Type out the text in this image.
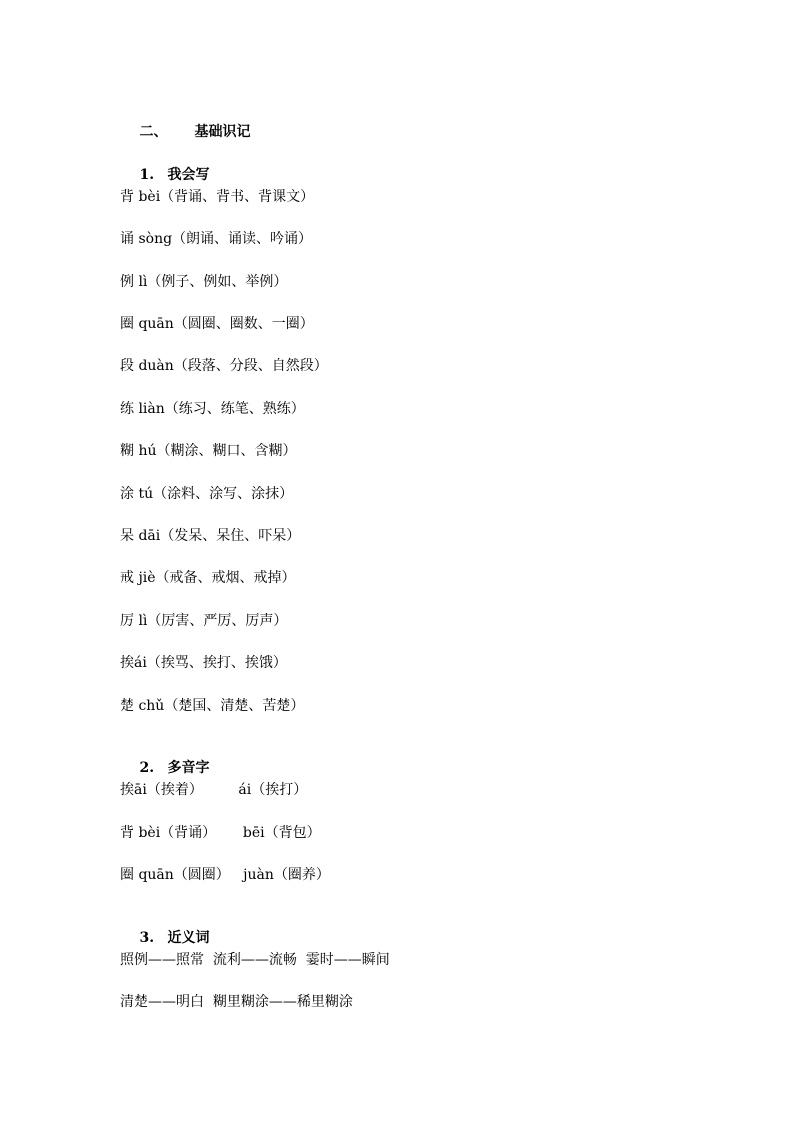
二、 基础识记

1. 我会写

背 bèi（背诵、背书、背课文）
诵 sòng（朗诵、诵读、吟诵）
例 lì（例子、例如、举例）
圈 quān（圆圈、圈数、一圈）
段 duàn（段落、分段、自然段）
练 liàn（练习、练笔、熟练）
糊 hú（糊涂、糊口、含糊）
涂 tú（涂料、涂写、涂抹）
呆 dāi（发呆、呆住、吓呆）
戒 jiè（戒备、戒烟、戒掉）
厉 lì（厉害、严厉、厉声）
挨ái（挨骂、挨打、挨饿）
楚 chǔ（楚国、清楚、苦楚）

2. 多音字

挨āi（挨着）        ái（挨打）
背 bèi（背诵）      bēi（背包）
圈 quān（圆圈）   juàn（圈养）

3. 近义词

照例——照常  流利——流畅  霎时——瞬间
清楚——明白  糊里糊涂——稀里糊涂
